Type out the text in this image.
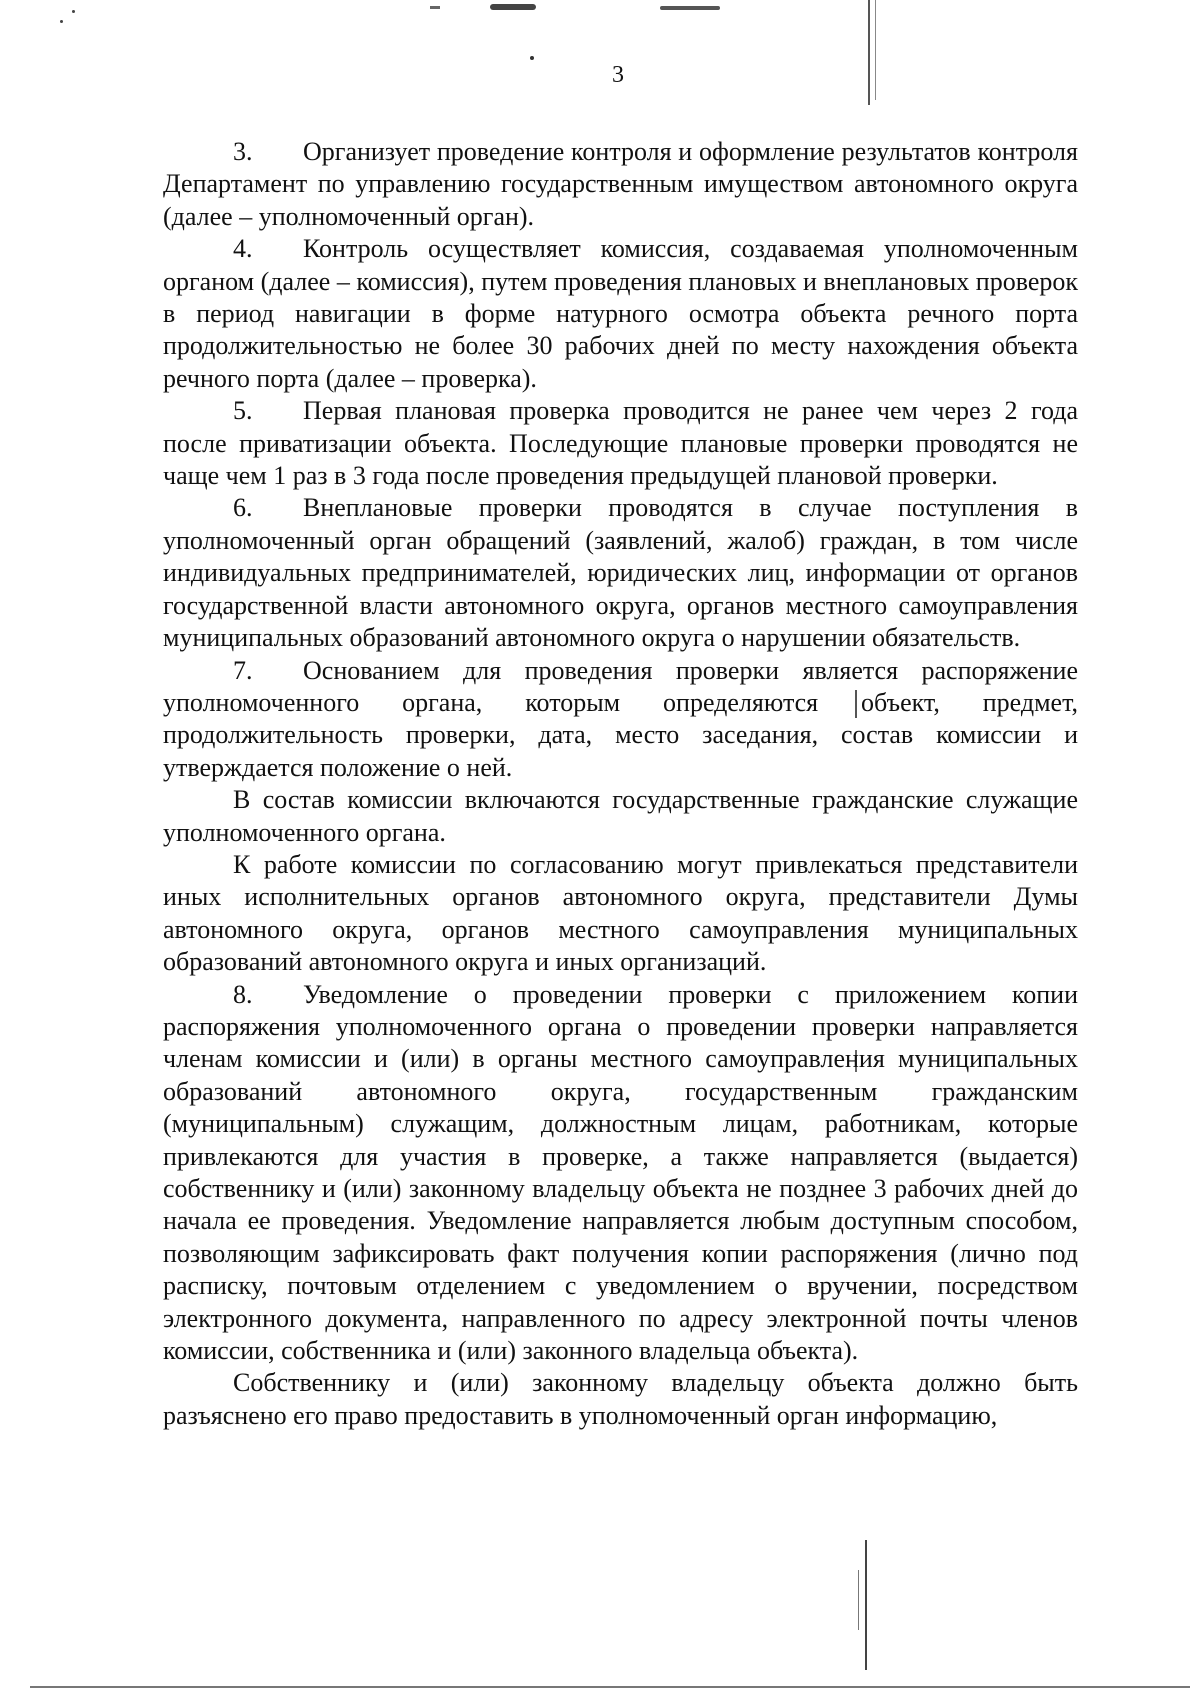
3

3. Организует проведение контроля и оформление результатов контроля Департамент по управлению государственным имуществом автономного округа (далее – уполномоченный орган).

4. Контроль осуществляет комиссия, создаваемая уполномоченным органом (далее – комиссия), путем проведения плановых и внеплановых проверок в период навигации в форме натурного осмотра объекта речного порта продолжительностью не более 30 рабочих дней по месту нахождения объекта речного порта (далее – проверка).

5. Первая плановая проверка проводится не ранее чем через 2 года после приватизации объекта. Последующие плановые проверки проводятся не чаще чем 1 раз в 3 года после проведения предыдущей плановой проверки.

6. Внеплановые проверки проводятся в случае поступления в уполномоченный орган обращений (заявлений, жалоб) граждан, в том числе индивидуальных предпринимателей, юридических лиц, информации от органов государственной власти автономного округа, органов местного самоуправления муниципальных образований автономного округа о нарушении обязательств.

7. Основанием для проведения проверки является распоряжение уполномоченного органа, которым определяются объект, предмет, продолжительность проверки, дата, место заседания, состав комиссии и утверждается положение о ней.

В состав комиссии включаются государственные гражданские служащие уполномоченного органа.

К работе комиссии по согласованию могут привлекаться представители иных исполнительных органов автономного округа, представители Думы автономного округа, органов местного самоуправления муниципальных образований автономного округа и иных организаций.

8. Уведомление о проведении проверки с приложением копии распоряжения уполномоченного органа о проведении проверки направляется членам комиссии и (или) в органы местного самоуправления муниципальных образований автономного округа, государственным гражданским (муниципальным) служащим, должностным лицам, работникам, которые привлекаются для участия в проверке, а также направляется (выдается) собственнику и (или) законному владельцу объекта не позднее 3 рабочих дней до начала ее проведения. Уведомление направляется любым доступным способом, позволяющим зафиксировать факт получения копии распоряжения (лично под расписку, почтовым отделением с уведомлением о вручении, посредством электронного документа, направленного по адресу электронной почты членов комиссии, собственника и (или) законного владельца объекта).

Собственнику и (или) законному владельцу объекта должно быть разъяснено его право предоставить в уполномоченный орган информацию,
